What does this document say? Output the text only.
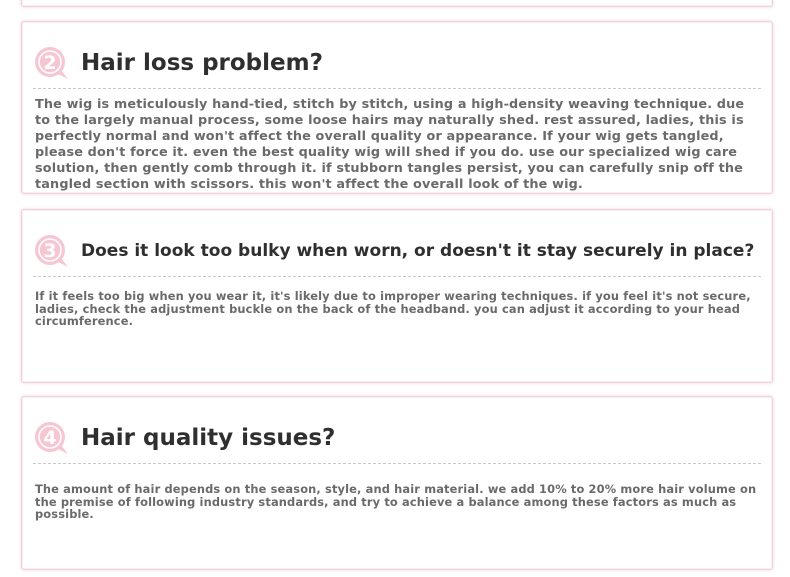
2 Hair loss problem?

The wig is meticulously hand-tied, stitch by stitch, using a high-density weaving technique. due to the largely manual process, some loose hairs may naturally shed. rest assured, ladies, this is perfectly normal and won't affect the overall quality or appearance. If your wig gets tangled, please don't force it. even the best quality wig will shed if you do. use our specialized wig care solution, then gently comb through it. if stubborn tangles persist, you can carefully snip off the tangled section with scissors. this won't affect the overall look of the wig.

3 Does it look too bulky when worn, or doesn't it stay securely in place?

If it feels too big when you wear it, it's likely due to improper wearing techniques. if you feel it's not secure, ladies, check the adjustment buckle on the back of the headband. you can adjust it according to your head circumference.

4 Hair quality issues?

The amount of hair depends on the season, style, and hair material. we add 10% to 20% more hair volume on the premise of following industry standards, and try to achieve a balance among these factors as much as possible.
